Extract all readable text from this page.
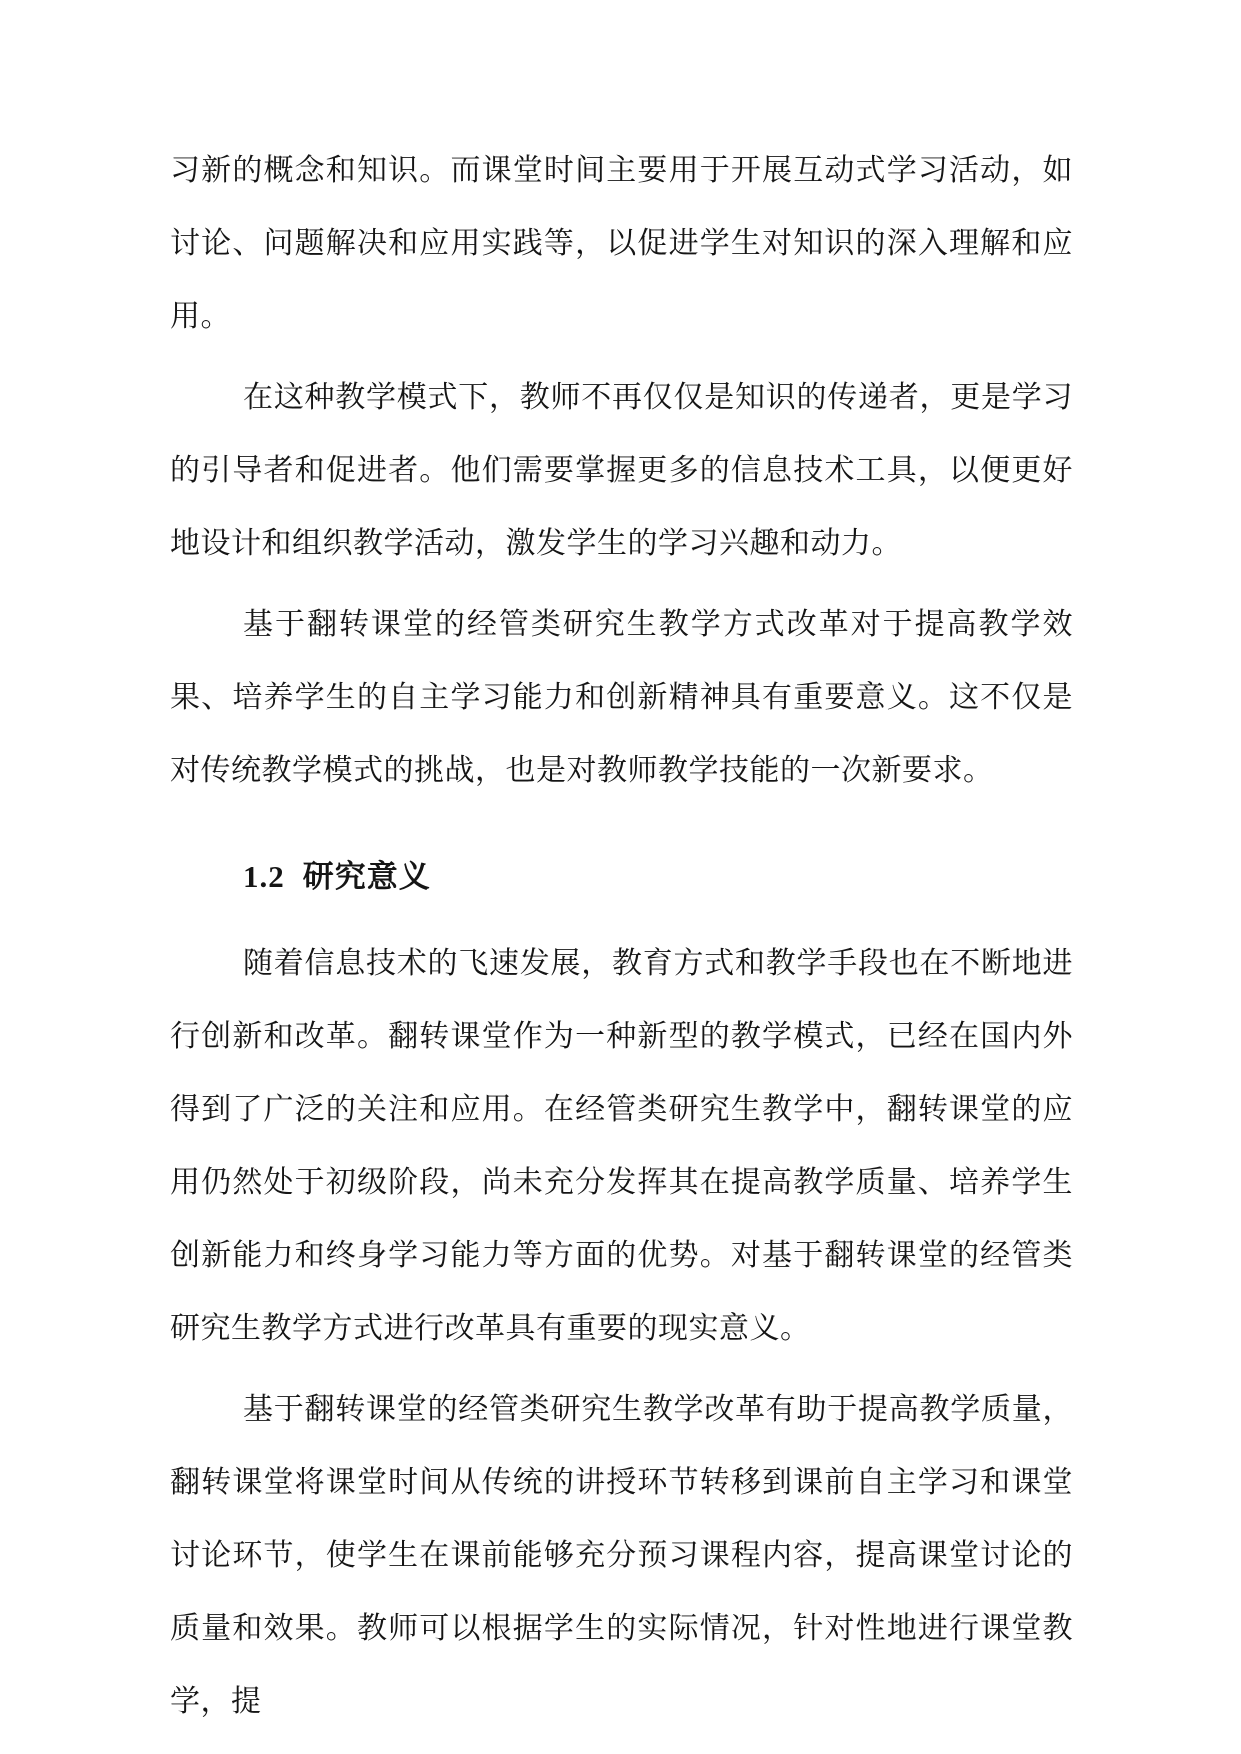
习新的概念和知识。而课堂时间主要用于开展互动式学习活动，如讨论、问题解决和应用实践等，以促进学生对知识的深入理解和应用。

在这种教学模式下，教师不再仅仅是知识的传递者，更是学习的引导者和促进者。他们需要掌握更多的信息技术工具，以便更好地设计和组织教学活动，激发学生的学习兴趣和动力。

基于翻转课堂的经管类研究生教学方式改革对于提高教学效果、培养学生的自主学习能力和创新精神具有重要意义。这不仅是对传统教学模式的挑战，也是对教师教学技能的一次新要求。

1.2 研究意义

随着信息技术的飞速发展，教育方式和教学手段也在不断地进行创新和改革。翻转课堂作为一种新型的教学模式，已经在国内外得到了广泛的关注和应用。在经管类研究生教学中，翻转课堂的应用仍然处于初级阶段，尚未充分发挥其在提高教学质量、培养学生创新能力和终身学习能力等方面的优势。对基于翻转课堂的经管类研究生教学方式进行改革具有重要的现实意义。

基于翻转课堂的经管类研究生教学改革有助于提高教学质量，翻转课堂将课堂时间从传统的讲授环节转移到课前自主学习和课堂讨论环节，使学生在课前能够充分预习课程内容，提高课堂讨论的质量和效果。教师可以根据学生的实际情况，针对性地进行课堂教学，提
